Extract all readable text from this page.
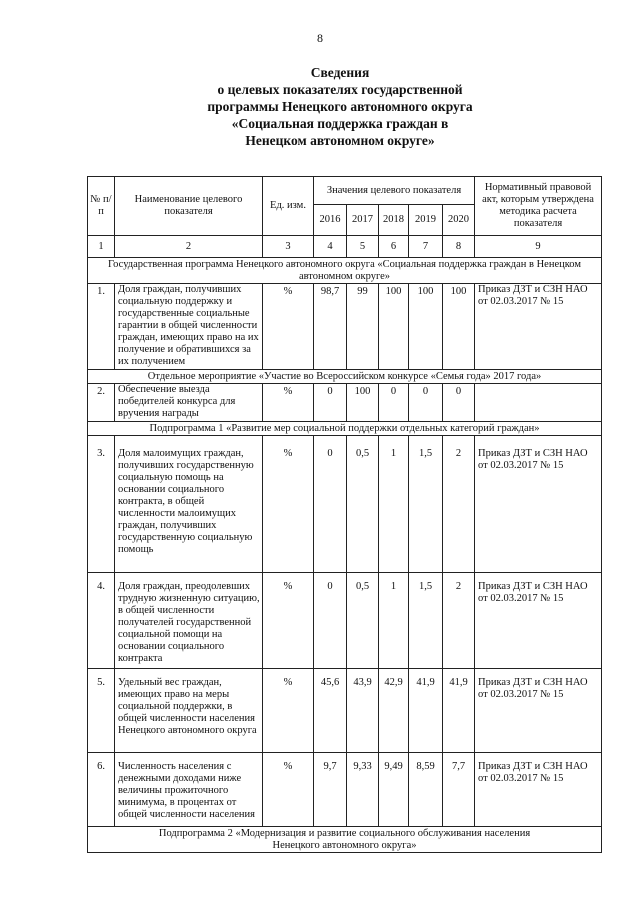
8
Сведения
о целевых показателях государственной
программы Ненецкого автономного округа
«Социальная поддержка граждан в
Ненецком автономном округе»
№ п/п	Наименование целевого показателя	Ед. изм.	Значения целевого показателя					Нормативный правовой акт, которым утверждена методика расчета показателя
			2016	2017	2018	2019	2020	
1	2	3	4	5	6	7	8	9
Государственная программа Ненецкого автономного округа «Социальная поддержка граждан в Ненецком автономном округе»								
1.	Доля граждан, получивших социальную поддержку и государственные социальные гарантии в общей численности граждан, имеющих право на их получение и обратившихся за их получением	%	98,7	99	100	100	100	Приказ ДЗТ и СЗН НАО от 02.03.2017 № 15
Отдельное мероприятие «Участие во Всероссийском конкурсе «Семья года» 2017 года»								
2.	Обеспечение выезда победителей конкурса для вручения награды	%	0	100	0	0	0	
Подпрограмма 1 «Развитие мер социальной поддержки отдельных категорий граждан»								
3.	Доля малоимущих граждан, получивших государственную социальную помощь на основании социального контракта, в общей численности малоимущих граждан, получивших государственную социальную помощь	%	0	0,5	1	1,5	2	Приказ ДЗТ и СЗН НАО от 02.03.2017 № 15
4.	Доля граждан, преодолевших трудную жизненную ситуацию, в общей численности получателей государственной социальной помощи на основании социального контракта	%	0	0,5	1	1,5	2	Приказ ДЗТ и СЗН НАО от 02.03.2017 № 15
5.	Удельный вес граждан, имеющих право на меры социальной поддержки, в общей численности населения Ненецкого автономного округа	%	45,6	43,9	42,9	41,9	41,9	Приказ ДЗТ и СЗН НАО от 02.03.2017 № 15
6.	Численность населения с денежными доходами ниже величины прожиточного минимума, в процентах от общей численности населения	%	9,7	9,33	9,49	8,59	7,7	Приказ ДЗТ и СЗН НАО от 02.03.2017 № 15
Подпрограмма 2 «Модернизация и развитие социального обслуживания населения Ненецкого автономного округа»								
